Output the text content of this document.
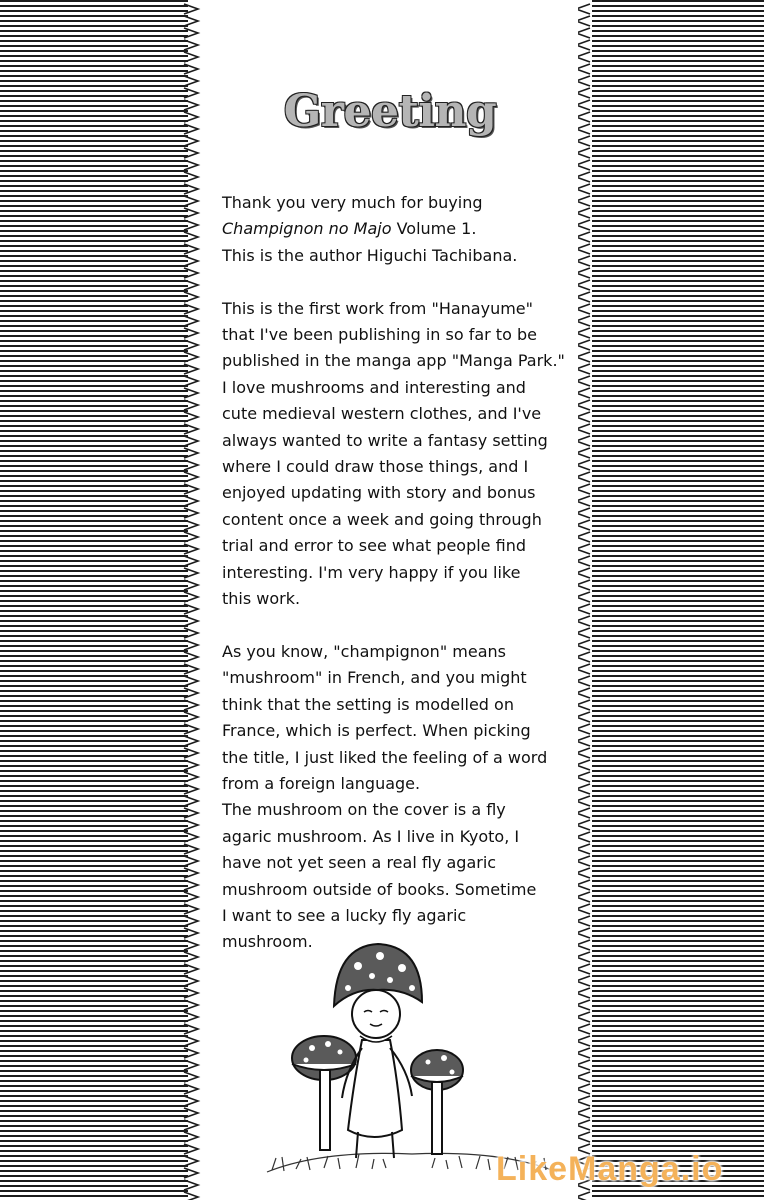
Greeting
Thank you very much for buying
Champignon no Majo Volume 1.
This is the author Higuchi Tachibana.
This is the first work from "Hanayume"
that I've been publishing in so far to be
published in the manga app "Manga Park."
I love mushrooms and interesting and
cute medieval western clothes, and I've
always wanted to write a fantasy setting
where I could draw those things, and I
enjoyed updating with story and bonus
content once a week and going through
trial and error to see what people find
interesting. I'm very happy if you like
this work.
As you know, "champignon" means
"mushroom" in French, and you might
think that the setting is modelled on
France, which is perfect. When picking
the title, I just liked the feeling of a word
from a foreign language.
The mushroom on the cover is a fly
agaric mushroom. As I live in Kyoto, I
have not yet seen a real fly agaric
mushroom outside of books. Sometime
I want to see a lucky fly agaric
mushroom.
LikeManga.io
